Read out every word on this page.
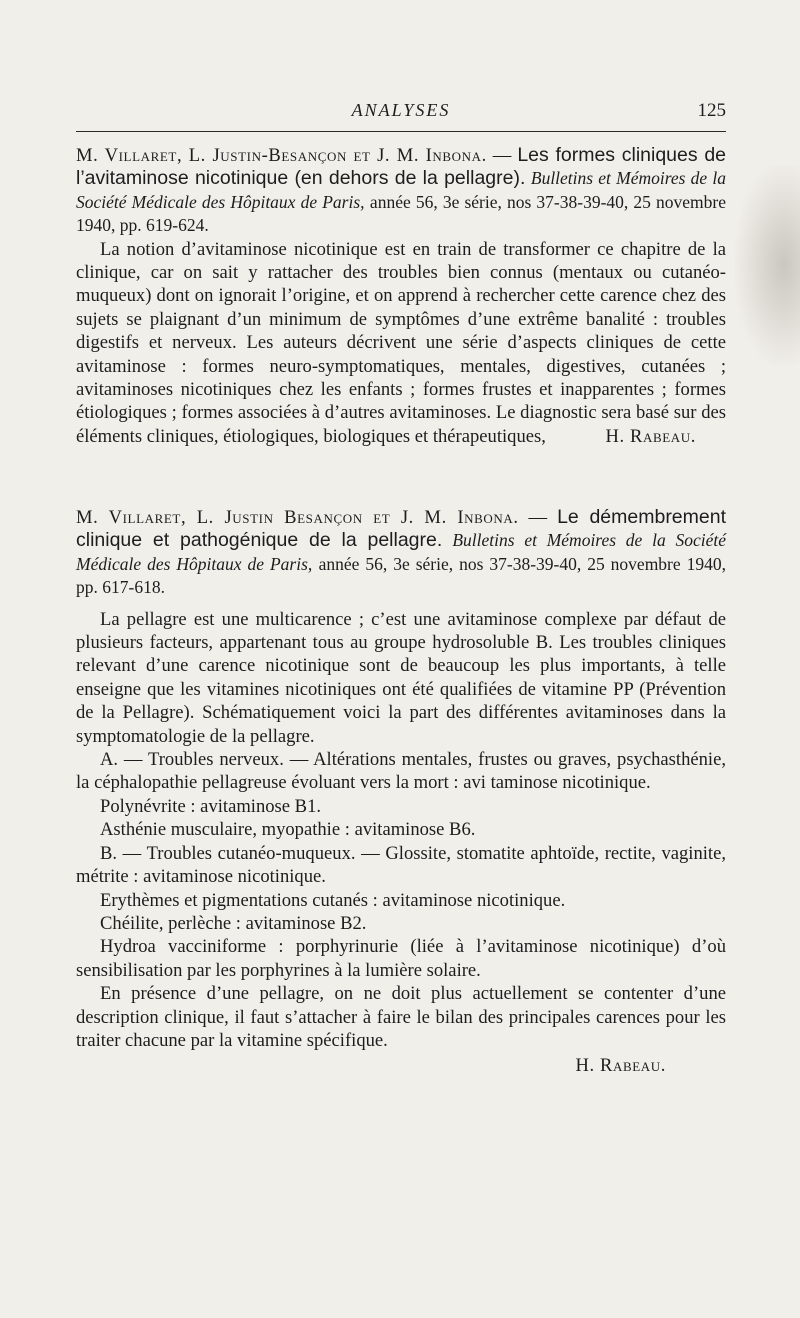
ANALYSES	125

M. Villaret, L. Justin-Besançon et J. M. Inbona. — Les formes cliniques de l’avitaminose nicotinique (en dehors de la pellagre). Bulletins et Mémoires de la Société Médicale des Hôpitaux de Paris, année 56, 3e série, nos 37-38-39-40, 25 novembre 1940, pp. 619-624.

La notion d’avitaminose nicotinique est en train de transformer ce chapitre de la clinique, car on sait y rattacher des troubles bien connus (mentaux ou cutanéo-muqueux) dont on ignorait l’origine, et on apprend à rechercher cette carence chez des sujets se plaignant d’un minimum de symptômes d’une extrême banalité : troubles digestifs et nerveux. Les auteurs décrivent une série d’aspects cliniques de cette avitaminose : formes neuro-symptomatiques, mentales, digestives, cutanées ; avitaminoses nicotiniques chez les enfants ; formes frustes et inapparentes ; formes étiologiques ; formes associées à d’autres avitaminoses. Le diagnostic sera basé sur des éléments cliniques, étiologiques, biologiques et thérapeutiques,	H. Rabeau.

M. Villaret, L. Justin Besançon et J. M. Inbona. — Le démembrement clinique et pathogénique de la pellagre. Bulletins et Mémoires de la Société Médicale des Hôpitaux de Paris, année 56, 3e série, nos 37-38-39-40, 25 novembre 1940, pp. 617-618.

La pellagre est une multicarence ; c’est une avitaminose complexe par défaut de plusieurs facteurs, appartenant tous au groupe hydrosoluble B. Les troubles cliniques relevant d’une carence nicotinique sont de beaucoup les plus importants, à telle enseigne que les vitamines nicotiniques ont été qualifiées de vitamine PP (Prévention de la Pellagre). Schématiquement voici la part des différentes avitaminoses dans la symptomatologie de la pellagre.

A. — Troubles nerveux. — Altérations mentales, frustes ou graves, psychasthénie, la céphalopathie pellagreuse évoluant vers la mort : avi taminose nicotinique.

Polynévrite : avitaminose B1.

Asthénie musculaire, myopathie : avitaminose B6.

B. — Troubles cutanéo-muqueux. — Glossite, stomatite aphtoïde, rectite, vaginite, métrite : avitaminose nicotinique.

Erythèmes et pigmentations cutanés : avitaminose nicotinique.

Chéilite, perlèche : avitaminose B2.

Hydroa vacciniforme : porphyrinurie (liée à l’avitaminose nicotinique) d’où sensibilisation par les porphyrines à la lumière solaire.

En présence d’une pellagre, on ne doit plus actuellement se contenter d’une description clinique, il faut s’attacher à faire le bilan des principales carences pour les traiter chacune par la vitamine spécifique.

H. Rabeau.
